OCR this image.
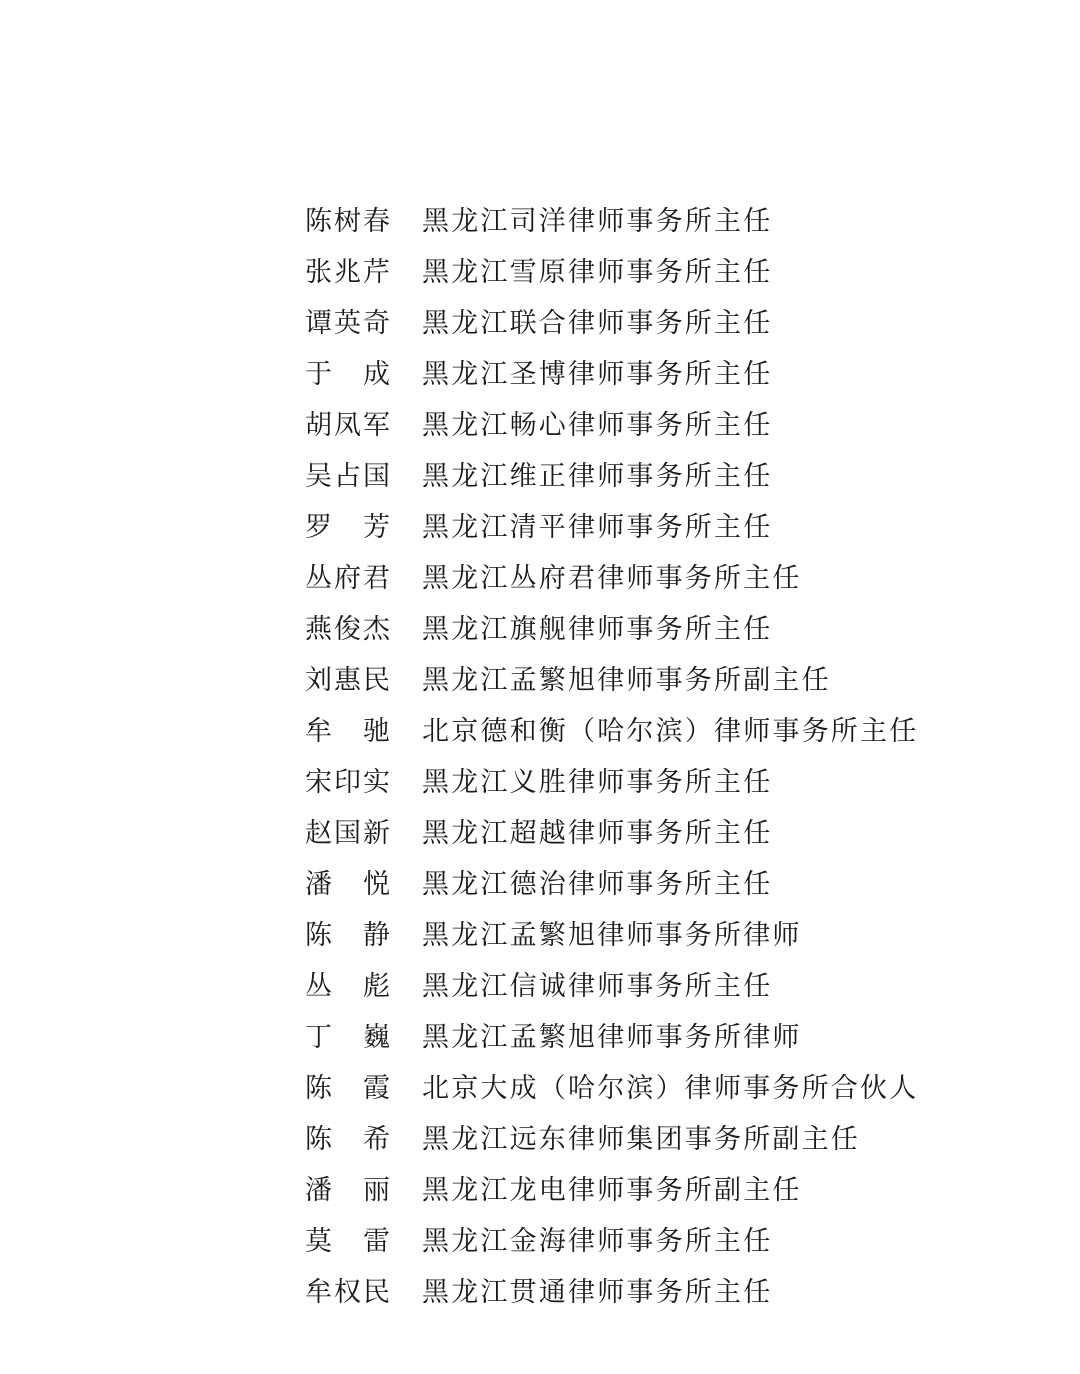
陈树春	黑龙江司洋律师事务所主任
张兆芹	黑龙江雪原律师事务所主任
谭英奇	黑龙江联合律师事务所主任
于　成	黑龙江圣博律师事务所主任
胡凤军	黑龙江畅心律师事务所主任
吴占国	黑龙江维正律师事务所主任
罗　芳	黑龙江清平律师事务所主任
丛府君	黑龙江丛府君律师事务所主任
燕俊杰	黑龙江旗舰律师事务所主任
刘惠民	黑龙江孟繁旭律师事务所副主任
牟　驰	北京德和衡（哈尔滨）律师事务所主任
宋印实	黑龙江义胜律师事务所主任
赵国新	黑龙江超越律师事务所主任
潘　悦	黑龙江德治律师事务所主任
陈　静	黑龙江孟繁旭律师事务所律师
丛　彪	黑龙江信诚律师事务所主任
丁　巍	黑龙江孟繁旭律师事务所律师
陈　霞	北京大成（哈尔滨）律师事务所合伙人
陈　希	黑龙江远东律师集团事务所副主任
潘　丽	黑龙江龙电律师事务所副主任
莫　雷	黑龙江金海律师事务所主任
牟权民	黑龙江贯通律师事务所主任
